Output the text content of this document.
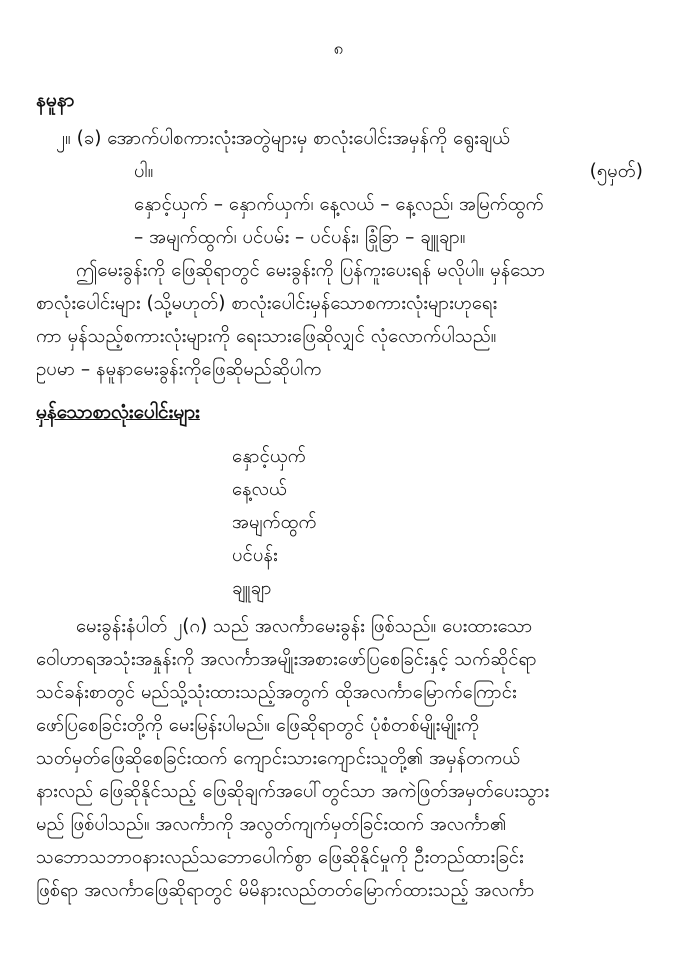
၈
နမူနာ
၂။ (ခ) အောက်ပါစကားလုံးအတွဲများမှ စာလုံးပေါင်းအမှန်ကို ရွေးချယ်
ပါ။	(၅မှတ်)
နှောင့်ယှက် – နှောက်ယှက်၊ နေ့လယ် – နေ့လည်၊ အမြက်ထွက်
– အမျက်ထွက်၊ ပင်ပမ်း – ပင်ပန်း၊ ခြုံခြာ – ချူချာ။
ဤမေးခွန်းကို ဖြေဆိုရာတွင် မေးခွန်းကို ပြန်ကူးပေးရန် မလိုပါ။ မှန်သော
စာလုံးပေါင်းများ (သို့မဟုတ်) စာလုံးပေါင်းမှန်သောစကားလုံးများဟုရေး
ကာ မှန်သည့်စကားလုံးများကို ရေးသားဖြေဆိုလျှင် လုံလောက်ပါသည်။
ဥပမာ – နမူနာမေးခွန်းကိုဖြေဆိုမည်ဆိုပါက
မှန်သောစာလုံးပေါင်းများ
နှောင့်ယှက်
နေ့လယ်
အမျက်ထွက်
ပင်ပန်း
ချူချာ
မေးခွန်းနံပါတ် ၂(ဂ) သည် အလင်္ကာမေးခွန်း ဖြစ်သည်။ ပေးထားသော
ဝေါဟာရအသုံးအနှုန်းကို အလင်္ကာအမျိုးအစားဖော်ပြစေခြင်းနှင့် သက်ဆိုင်ရာ
သင်ခန်းစာတွင် မည်သို့သုံးထားသည့်အတွက် ထိုအလင်္ကာမြောက်ကြောင်း
ဖော်ပြစေခြင်းတို့ကို မေးမြန်းပါမည်။ ဖြေဆိုရာတွင် ပုံစံတစ်မျိုးမျိုးကို
သတ်မှတ်ဖြေဆိုစေခြင်းထက် ကျောင်းသားကျောင်းသူတို့၏ အမှန်တကယ်
နားလည် ဖြေဆိုနိုင်သည့် ဖြေဆိုချက်အပေါ်တွင်သာ အကဲဖြတ်အမှတ်ပေးသွား
မည် ဖြစ်ပါသည်။ အလင်္ကာကို အလွတ်ကျက်မှတ်ခြင်းထက် အလင်္ကာ၏
သဘောသဘာဝနားလည်သဘောပေါက်စွာ ဖြေဆိုနိုင်မှုကို ဦးတည်ထားခြင်း
ဖြစ်ရာ အလင်္ကာဖြေဆိုရာတွင် မိမိနားလည်တတ်မြောက်ထားသည့် အလင်္ကာ
